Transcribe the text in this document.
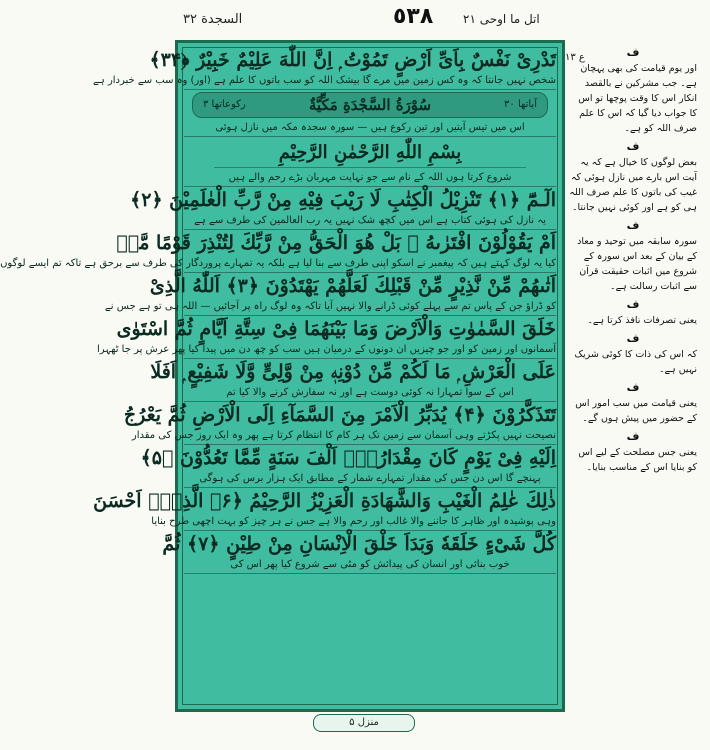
السجدة ٣٢	٥٣٨ اتل ما اوحی ٢١
ع ١٣
تَدْرِیْ نَفْسٌ بِاَیِّ اَرْضٍ تَمُوْتُ ۭ اِنَّ اللّٰهَ عَلِیْمٌ خَبِیْرٌ ﴿۳۴﴾
شخص نہیں جانتا کہ وہ کس زمین میں مرے گا بیشک اللہ کو سب باتوں کا علم ہے (اور) وہ سب سے خبردار ہے
رکوعاتھا ٣	سُوْرَةُ السَّجْدَةِ مَكِّيَّةٌ	آیاتھا ٣٠
اس میں تیس آیتیں اور تین رکوع ہیں — سورہ سجدہ مکہ میں نازل ہوئی
بِسْمِ اللّٰهِ الرَّحْمٰنِ الرَّحِیْمِ
شروع کرتا ہوں اللہ کے نام سے جو نہایت مہربان بڑے رحم والے ہیں
الٓـمّٓ ﴿۱﴾ تَنْزِیْلُ الْكِتٰبِ لَا رَیْبَ فِیْهِ مِنْ رَّبِّ الْعٰلَمِیْنَ ﴿۲﴾
یہ نازل کی ہوئی کتاب ہے اس میں کچھ شک نہیں یہ رب العالمین کی طرف سے ہے
اَمْ یَقُوْلُوْنَ افْتَرٰىهُ ۚ بَلْ هُوَ الْحَقُّ مِنْ رَّبِّكَ لِتُنْذِرَ قَوْمًا مَّاۤ
کیا یہ لوگ کہتے ہیں کہ پیغمبر نے اسکو اپنی طرف سے بنا لیا ہے بلکہ یہ تمہارے پروردگار کی طرف سے برحق ہے تاکہ تم ایسے لوگوں
اَتٰىهُمْ مِّنْ نَّذِیْرٍ مِّنْ قَبْلِكَ لَعَلَّهُمْ یَهْتَدُوْنَ ﴿۳﴾ اَللّٰهُ الَّذِیْ
کو ڈراؤ جن کے پاس تم سے پہلے کوئی ڈرانے والا نہیں آیا تاکہ وہ لوگ راہ پر آجائیں — اللہ ہی تو ہے جس نے
خَلَقَ السَّمٰوٰتِ وَالْاَرْضَ وَمَا بَیْنَهُمَا فِیْ سِتَّةِ اَیَّامٍ ثُمَّ اسْتَوٰی
آسمانوں اور زمین کو اور جو چیزیں ان دونوں کے درمیان ہیں سب کو چھ دن میں پیدا کیا پھر عرش پر جا ٹھہرا
عَلَی الْعَرْشِ ۭ مَا لَكُمْ مِّنْ دُوْنِهٖ مِنْ وَّلِیٍّ وَّلَا شَفِیْعٍ ۭ اَفَلَا
اس کے سوا تمہارا نہ کوئی دوست ہے اور نہ سفارش کرنے والا کیا تم
تَتَذَكَّرُوْنَ ﴿۴﴾ یُدَبِّرُ الْاَمْرَ مِنَ السَّمَآءِ اِلَی الْاَرْضِ ثُمَّ یَعْرُجُ
نصیحت نہیں پکڑتے وہی آسمان سے زمین تک ہر کام کا انتظام کرتا ہے پھر وہ ایک روز جس کی مقدار
اِلَیْهِ فِیْ یَوْمٍ كَانَ مِقْدَارُهٗۤ اَلْفَ سَنَةٍ مِّمَّا تَعُدُّوْنَ ﴿۵﴾
پہنچے گا اس دن جس کی مقدار تمہارے شمار کے مطابق ایک ہزار برس کی ہوگی
ذٰلِكَ عٰلِمُ الْغَیْبِ وَالشَّهَادَةِ الْعَزِیْزُ الرَّحِیْمُ ﴿۶﴾ الَّذِیْۤ اَحْسَنَ
وہی پوشیدہ اور ظاہر کا جاننے والا غالب اور رحم والا ہے جس نے ہر چیز کو بہت اچھی طرح بنایا
كُلَّ شَیْءٍ خَلَقَهٗ وَبَدَاَ خَلْقَ الْاِنْسَانِ مِنْ طِیْنٍ ﴿۷﴾ ثُمَّ
خوب بنائی اور انسان کی پیدائش کو مٹی سے شروع کیا پھر اس کی
منزل ۵
ف
اور یوم قیامت کی بھی پہچان ہے۔ جب مشرکین نے بالقصد انکار اس کا وقت پوچھا تو اس کا جواب دیا گیا کہ اس کا علم صرف اللہ کو ہے۔
ف
بعض لوگوں کا خیال ہے کہ یہ آیت اس بارے میں نازل ہوئی کہ غیب کی باتوں کا علم صرف اللہ ہی کو ہے اور کوئی نہیں جانتا۔
ف
سورہ سابقہ میں توحید و معاد کے بیان کے بعد اس سورہ کے شروع میں اثبات حقیقت قرآن سے اثبات رسالت ہے۔
ف
یعنی تصرفات نافذ کرتا ہے۔
ف
کہ اس کی ذات کا کوئی شریک نہیں ہے۔
ف
یعنی قیامت میں سب امور اس کے حضور میں پیش ہوں گے۔
ف
یعنی جس مصلحت کے لیے اس کو بنایا اس کے مناسب بنایا۔
